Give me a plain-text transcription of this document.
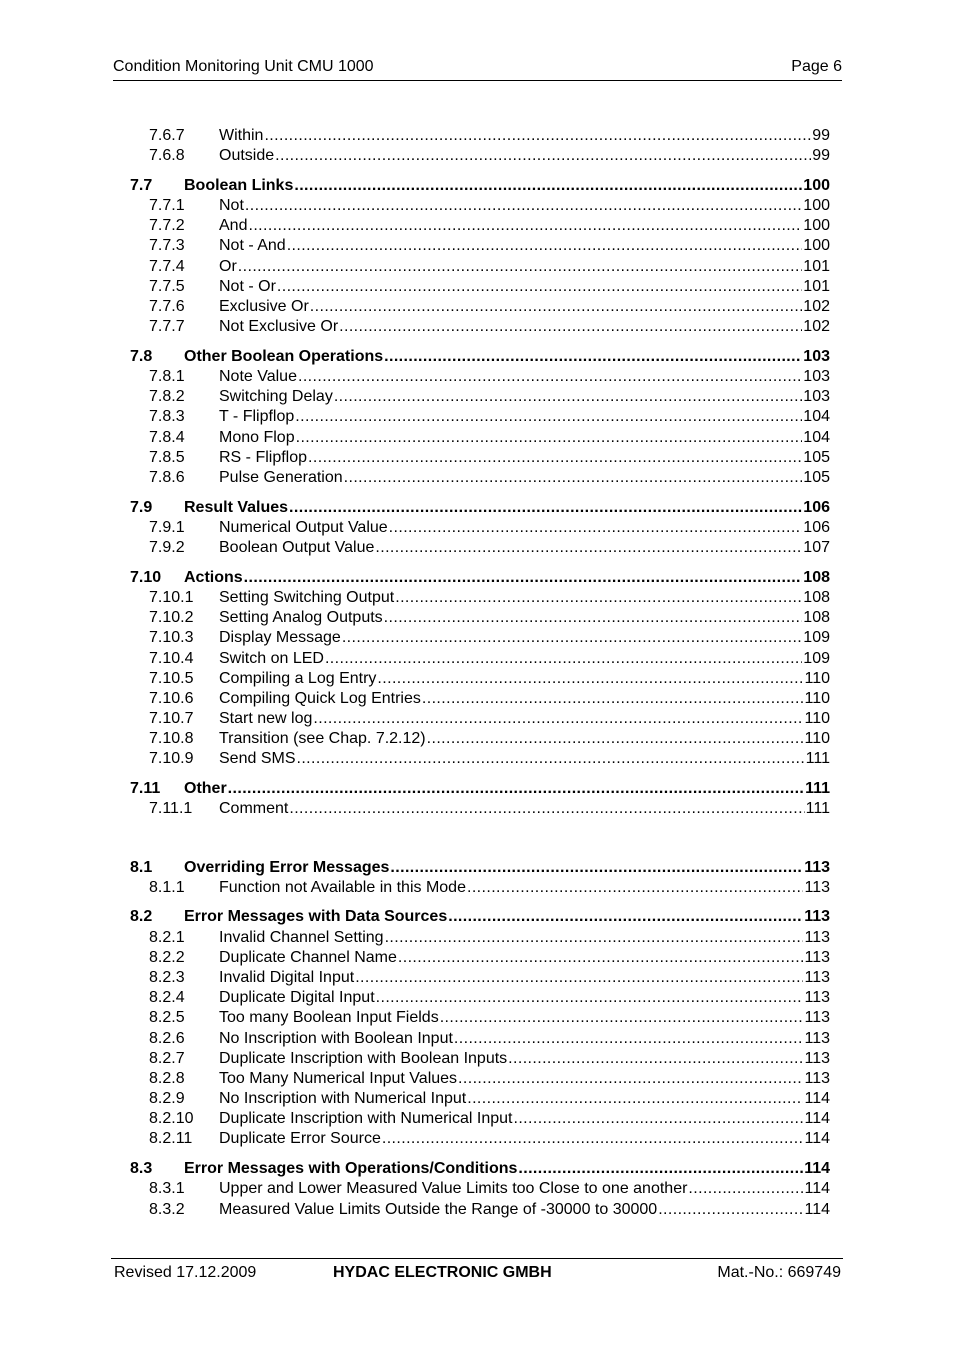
Condition Monitoring Unit CMU 1000	Page 6
7.6.7	Within .....	99
7.6.8	Outside .....	99
7.7	Boolean Links .....	100
7.7.1	Not .....	100
7.7.2	And .....	100
7.7.3	Not - And .....	100
7.7.4	Or .....	101
7.7.5	Not - Or .....	101
7.7.6	Exclusive Or .....	102
7.7.7	Not Exclusive Or .....	102
7.8	Other Boolean Operations .....	103
7.8.1	Note Value .....	103
7.8.2	Switching Delay .....	103
7.8.3	T - Flipflop .....	104
7.8.4	Mono Flop .....	104
7.8.5	RS - Flipflop .....	105
7.8.6	Pulse Generation .....	105
7.9	Result Values .....	106
7.9.1	Numerical Output Value .....	106
7.9.2	Boolean Output Value .....	107
7.10	Actions .....	108
7.10.1	Setting Switching Output .....	108
7.10.2	Setting Analog Outputs .....	108
7.10.3	Display Message .....	109
7.10.4	Switch on LED .....	109
7.10.5	Compiling a Log Entry .....	110
7.10.6	Compiling Quick Log Entries .....	110
7.10.7	Start new log .....	110
7.10.8	Transition (see Chap. 7.2.12) .....	110
7.10.9	Send SMS .....	111
7.11	Other .....	111
7.11.1	Comment .....	111
8.1	Overriding Error Messages .....	113
8.1.1	Function not Available in this Mode .....	113
8.2	Error Messages with Data Sources .....	113
8.2.1	Invalid Channel Setting .....	113
8.2.2	Duplicate Channel Name .....	113
8.2.3	Invalid Digital Input .....	113
8.2.4	Duplicate Digital Input .....	113
8.2.5	Too many Boolean Input Fields .....	113
8.2.6	No Inscription with Boolean Input .....	113
8.2.7	Duplicate Inscription with Boolean Inputs .....	113
8.2.8	Too Many Numerical Input Values .....	113
8.2.9	No Inscription with Numerical Input .....	114
8.2.10	Duplicate Inscription with Numerical Input .....	114
8.2.11	Duplicate Error Source .....	114
8.3	Error Messages with Operations/Conditions .....	114
8.3.1	Upper and Lower Measured Value Limits too Close to one another .....	114
8.3.2	Measured Value Limits Outside the Range of -30000 to 30000 .....	114
Revised 17.12.2009	HYDAC ELECTRONIC GMBH	Mat.-No.: 669749
